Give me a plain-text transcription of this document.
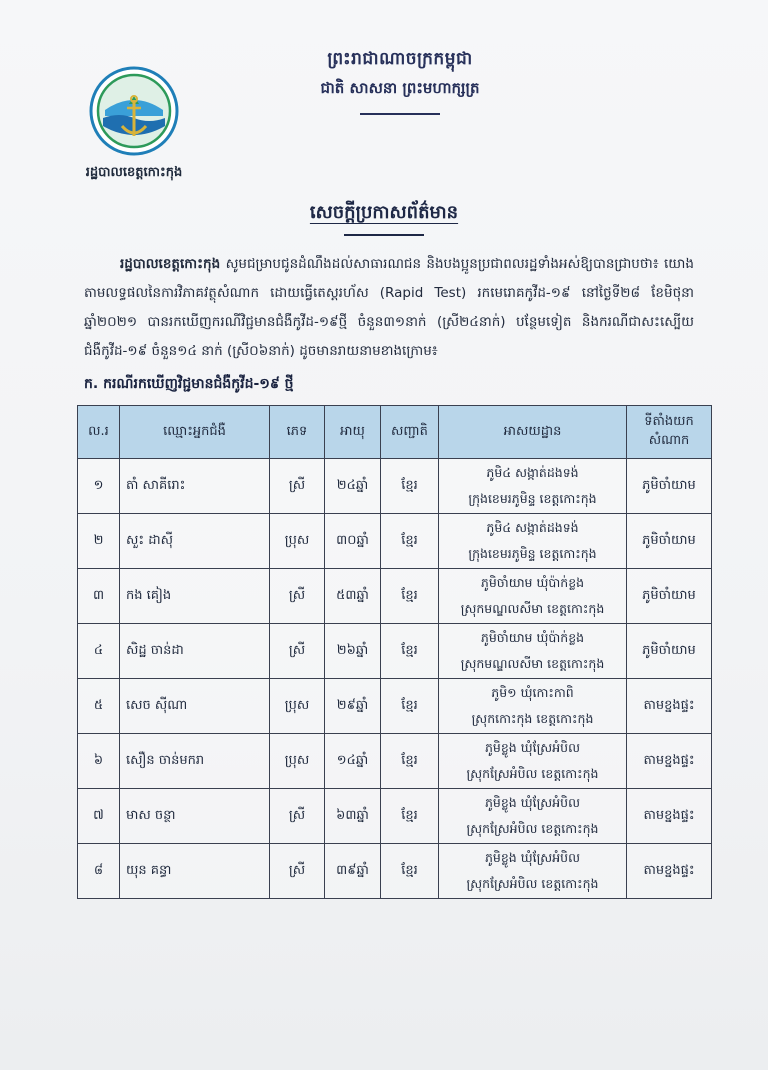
ព្រះរាជាណាចក្រកម្ពុជា
ជាតិ សាសនា ព្រះមហាក្សត្រ
រដ្ឋបាលខេត្តកោះកុង
សេចក្ដីប្រកាសព័ត៌មាន
រដ្ឋបាលខេត្តកោះកុង សូមជម្រាបជូនដំណឹងដល់សាធារណជន និងបងប្អូនប្រជាពលរដ្ឋទាំងអស់ឱ្យបានជ្រាបថា៖ យោងតាមលទ្ធផលនៃការវិភាគវត្ថុសំណាក ដោយធ្វើតេស្តរហ័ស (Rapid Test) រកមេរោគកូវីដ-១៩ នៅថ្ងៃទី២៨ ខែមិថុនា ឆ្នាំ២០២១ បានរកឃើញករណីវិជ្ជមានជំងឺកូវីដ-១៩ថ្មី ចំនួន៣១នាក់ (ស្រី២៤នាក់) បន្ថែមទៀត និងករណីជាសះស្បើយជំងឺកូវីដ-១៩ ចំនួន១៤ នាក់ (ស្រី០៦នាក់) ដូចមានរាយនាមខាងក្រោម៖
ក. ករណីរកឃើញវិជ្ជមានជំងឺកូវីដ-១៩ ថ្មី
ល.រ	ឈ្មោះអ្នកជំងឺ	ភេទ	អាយុ	សញ្ជាតិ	អាសយដ្ឋាន	ទីតាំងយកសំណាក
១	តាំ សាគីរោះ	ស្រី	២៤ឆ្នាំ	ខ្មែរ	ភូមិ៤ សង្កាត់ដងទង់
ក្រុងខេមរភូមិន្ទ ខេត្តកោះកុង	ភូមិចាំយាម
២	សួះ ដាស៊ី	ប្រុស	៣០ឆ្នាំ	ខ្មែរ	ភូមិ៤ សង្កាត់ដងទង់
ក្រុងខេមរភូមិន្ទ ខេត្តកោះកុង	ភូមិចាំយាម
៣	កង គៀង	ស្រី	៥៣ឆ្នាំ	ខ្មែរ	ភូមិចាំយាម ឃុំប៉ាក់ខ្លង
ស្រុកមណ្ឌលសីមា ខេត្តកោះកុង	ភូមិចាំយាម
៤	សិដ្ឋ ចាន់ដា	ស្រី	២៦ឆ្នាំ	ខ្មែរ	ភូមិចាំយាម ឃុំប៉ាក់ខ្លង
ស្រុកមណ្ឌលសីមា ខេត្តកោះកុង	ភូមិចាំយាម
៥	សេច ស៊ីណា	ប្រុស	២៩ឆ្នាំ	ខ្មែរ	ភូមិ១ ឃុំកោះកាពិ
ស្រុកកោះកុង ខេត្តកោះកុង	តាមខ្នងផ្ទះ
៦	សឿន ចាន់មករា	ប្រុស	១៤ឆ្នាំ	ខ្មែរ	ភូមិខ្លូង ឃុំស្រែអំបិល
ស្រុកស្រែអំបិល ខេត្តកោះកុង	តាមខ្នងផ្ទះ
៧	មាស ចន្ថា	ស្រី	៦៣ឆ្នាំ	ខ្មែរ	ភូមិខ្លូង ឃុំស្រែអំបិល
ស្រុកស្រែអំបិល ខេត្តកោះកុង	តាមខ្នងផ្ទះ
៨	យុន គន្ធា	ស្រី	៣៩ឆ្នាំ	ខ្មែរ	ភូមិខ្លូង ឃុំស្រែអំបិល
ស្រុកស្រែអំបិល ខេត្តកោះកុង	តាមខ្នងផ្ទះ
